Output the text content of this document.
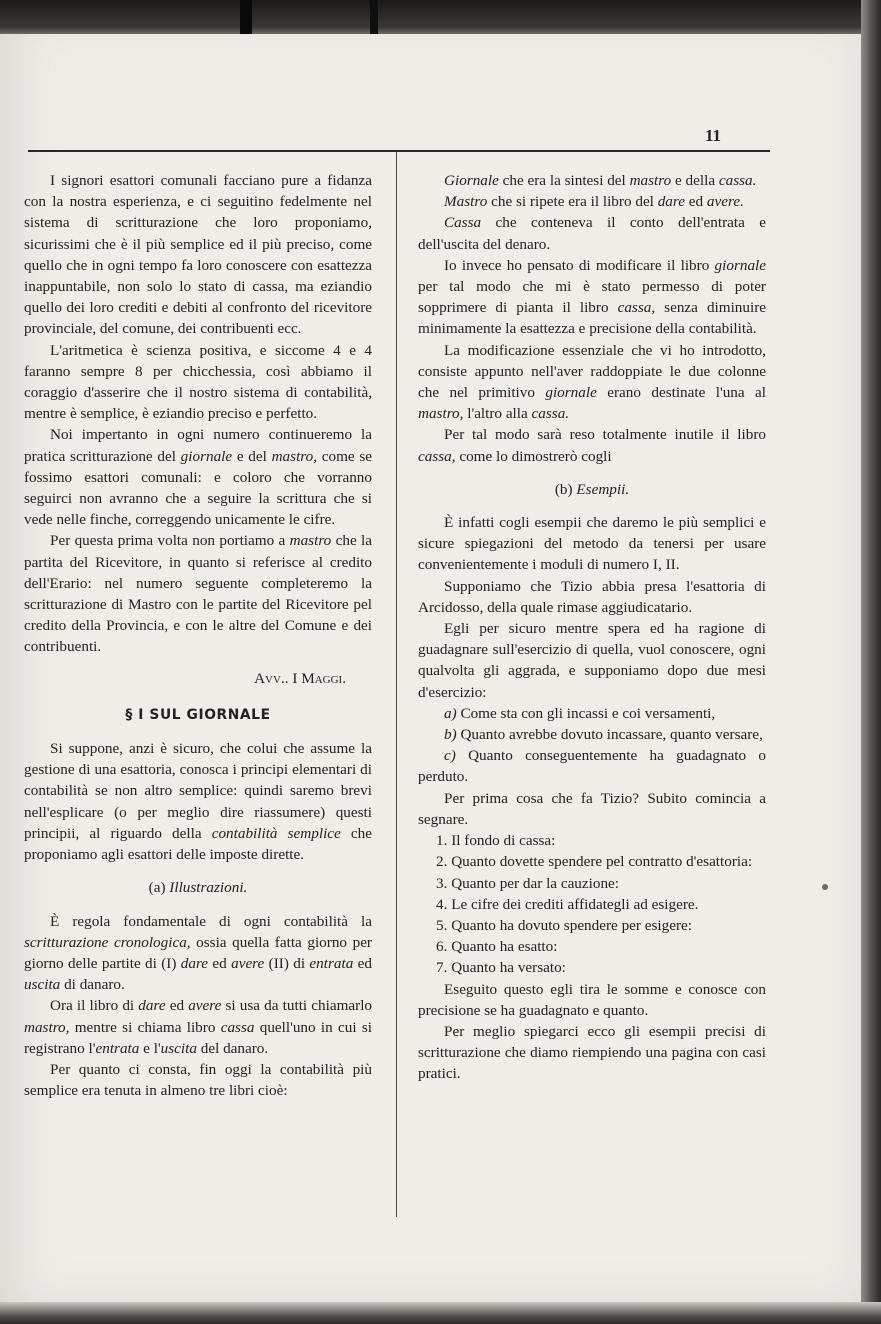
11

I signori esattori comunali facciano pure a fidanza con la nostra esperienza, e ci seguitino fedelmente nel sistema di scritturazione che loro proponiamo, sicurissimi che è il più semplice ed il più preciso, come quello che in ogni tempo fa loro conoscere con esattezza inappuntabile, non solo lo stato di cassa, ma eziandio quello dei loro crediti e debiti al confronto del ricevitore provinciale, del comune, dei contribuenti ecc.

L'aritmetica è scienza positiva, e siccome 4 e 4 faranno sempre 8 per chicchessia, così abbiamo il coraggio d'asserire che il nostro sistema di contabilità, mentre è semplice, è eziandio preciso e perfetto.

Noi impertanto in ogni numero continueremo la pratica scritturazione del giornale e del mastro, come se fossimo esattori comunali: e coloro che vorranno seguirci non avranno che a seguire la scrittura che si vede nelle finche, correggendo unicamente le cifre.

Per questa prima volta non portiamo a mastro che la partita del Ricevitore, in quanto si referisce al credito dell'Erario: nel numero seguente completeremo la scritturazione di Mastro con le partite del Ricevitore pel credito della Provincia, e con le altre del Comune e dei contribuenti.

Avv.. I Maggi.

§ I SUL GIORNALE

Si suppone, anzi è sicuro, che colui che assume la gestione di una esattoria, conosca i principi elementari di contabilità se non altro semplice: quindi saremo brevi nell'esplicare (o per meglio dire riassumere) questi principii, al riguardo della contabilità semplice che proponiamo agli esattori delle imposte dirette.

(a) Illustrazioni.

È regola fondamentale di ogni contabilità la scritturazione cronologica, ossia quella fatta giorno per giorno delle partite di (I) dare ed avere (II) di entrata ed uscita di danaro.

Ora il libro di dare ed avere si usa da tutti chiamarlo mastro, mentre si chiama libro cassa quell'uno in cui si registrano l'entrata e l'uscita del danaro.

Per quanto ci consta, fin oggi la contabilità più semplice era tenuta in almeno tre libri cioè:

Giornale che era la sintesi del mastro e della cassa.

Mastro che si ripete era il libro del dare ed avere.

Cassa che conteneva il conto dell'entrata e dell'uscita del denaro.

Io invece ho pensato di modificare il libro giornale per tal modo che mi è stato permesso di poter sopprimere di pianta il libro cassa, senza diminuire minimamente la esattezza e precisione della contabilità.

La modificazione essenziale che vi ho introdotto, consiste appunto nell'aver raddoppiate le due colonne che nel primitivo giornale erano destinate l'una al mastro, l'altro alla cassa.

Per tal modo sarà reso totalmente inutile il libro cassa, come lo dimostrerò cogli

(b) Esempii.

È infatti cogli esempii che daremo le più semplici e sicure spiegazioni del metodo da tenersi per usare convenientemente i moduli di numero I, II.

Supponiamo che Tizio abbia presa l'esattoria di Arcidosso, della quale rimase aggiudicatario.

Egli per sicuro mentre spera ed ha ragione di guadagnare sull'esercizio di quella, vuol conoscere, ogni qualvolta gli aggrada, e supponiamo dopo due mesi d'esercizio:

a) Come sta con gli incassi e coi versamenti,

b) Quanto avrebbe dovuto incassare, quanto versare,

c) Quanto conseguentemente ha guadagnato o perduto.

Per prima cosa che fa Tizio? Subito comincia a segnare.

1. Il fondo di cassa:

2. Quanto dovette spendere pel contratto d'esattoria:

3. Quanto per dar la cauzione:

4. Le cifre dei crediti affidategli ad esigere.

5. Quanto ha dovuto spendere per esigere:

6. Quanto ha esatto:

7. Quanto ha versato:

Eseguito questo egli tira le somme e conosce con precisione se ha guadagnato e quanto.

Per meglio spiegarci ecco gli esempii precisi di scritturazione che diamo riempiendo una pagina con casi pratici.
